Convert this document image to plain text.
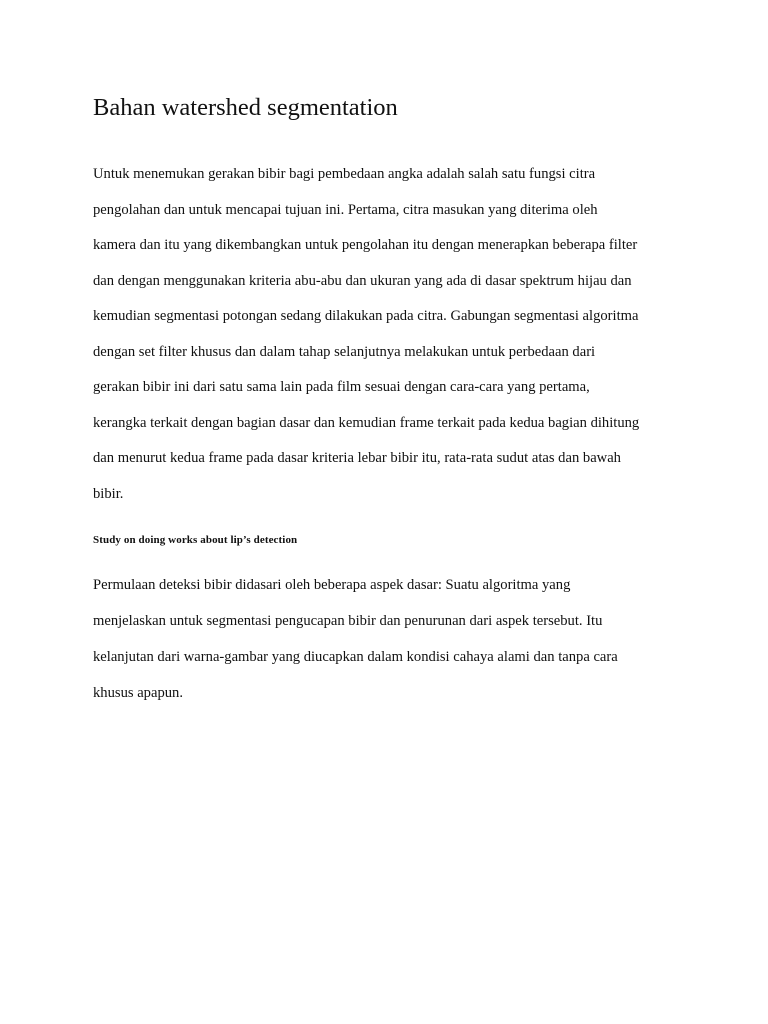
Bahan watershed segmentation

Untuk menemukan gerakan bibir bagi pembedaan angka adalah salah satu fungsi citra

pengolahan dan untuk mencapai tujuan ini. Pertama, citra masukan yang diterima oleh

kamera dan itu yang dikembangkan untuk pengolahan itu dengan menerapkan beberapa filter

dan dengan menggunakan kriteria abu-abu dan ukuran yang ada di dasar spektrum hijau dan

kemudian segmentasi potongan sedang dilakukan pada citra. Gabungan segmentasi algoritma

dengan set filter khusus dan dalam tahap selanjutnya melakukan untuk perbedaan dari

gerakan bibir ini dari satu sama lain pada film sesuai dengan cara-cara yang pertama,

kerangka terkait dengan bagian dasar dan kemudian frame terkait pada kedua bagian dihitung

dan menurut kedua frame pada dasar kriteria lebar bibir itu, rata-rata sudut atas dan bawah

bibir.

Study on doing works about lip’s detection

Permulaan deteksi bibir didasari oleh beberapa aspek dasar: Suatu algoritma yang

menjelaskan untuk segmentasi pengucapan bibir dan penurunan dari aspek tersebut. Itu

kelanjutan dari warna-gambar yang diucapkan dalam kondisi cahaya alami dan tanpa cara

khusus apapun.
